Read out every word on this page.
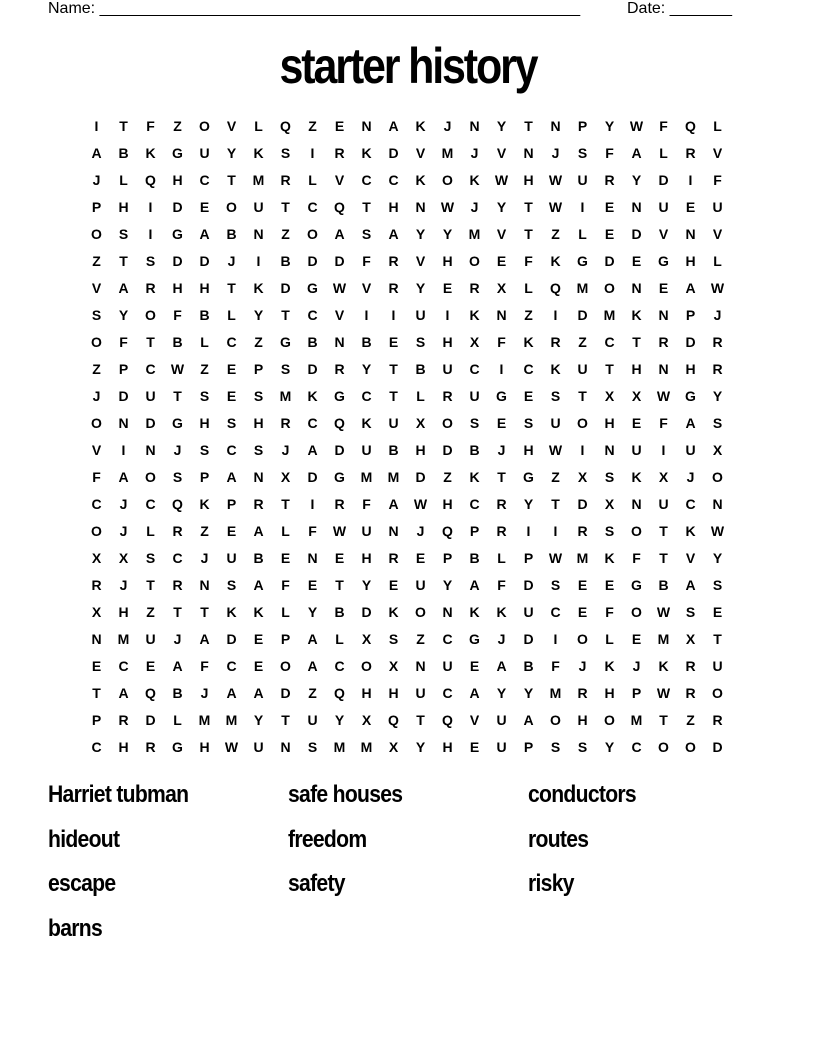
Name: ______________________________________________________	Date: _______
starter history
I	T	F	Z	O	V	L	Q	Z	E	N	A	K	J	N	Y	T	N	P	Y	W	F	Q	L
A	B	K	G	U	Y	K	S	I	R	K	D	V	M	J	V	N	J	S	F	A	L	R	V
J	L	Q	H	C	T	M	R	L	V	C	C	K	O	K	W	H	W	U	R	Y	D	I	F
P	H	I	D	E	O	U	T	C	Q	T	H	N	W	J	Y	T	W	I	E	N	U	E	U
O	S	I	G	A	B	N	Z	O	A	S	A	Y	Y	M	V	T	Z	L	E	D	V	N	V
Z	T	S	D	D	J	I	B	D	D	F	R	V	H	O	E	F	K	G	D	E	G	H	L
V	A	R	H	H	T	K	D	G	W	V	R	Y	E	R	X	L	Q	M	O	N	E	A	W
S	Y	O	F	B	L	Y	T	C	V	I	I	U	I	K	N	Z	I	D	M	K	N	P	J
O	F	T	B	L	C	Z	G	B	N	B	E	S	H	X	F	K	R	Z	C	T	R	D	R
Z	P	C	W	Z	E	P	S	D	R	Y	T	B	U	C	I	C	K	U	T	H	N	H	R
J	D	U	T	S	E	S	M	K	G	C	T	L	R	U	G	E	S	T	X	X	W	G	Y
O	N	D	G	H	S	H	R	C	Q	K	U	X	O	S	E	S	U	O	H	E	F	A	S
V	I	N	J	S	C	S	J	A	D	U	B	H	D	B	J	H	W	I	N	U	I	U	X
F	A	O	S	P	A	N	X	D	G	M	M	D	Z	K	T	G	Z	X	S	K	X	J	O
C	J	C	Q	K	P	R	T	I	R	F	A	W	H	C	R	Y	T	D	X	N	U	C	N
O	J	L	R	Z	E	A	L	F	W	U	N	J	Q	P	R	I	I	R	S	O	T	K	W
X	X	S	C	J	U	B	E	N	E	H	R	E	P	B	L	P	W	M	K	F	T	V	Y
R	J	T	R	N	S	A	F	E	T	Y	E	U	Y	A	F	D	S	E	E	G	B	A	S
X	H	Z	T	T	K	K	L	Y	B	D	K	O	N	K	K	U	C	E	F	O	W	S	E
N	M	U	J	A	D	E	P	A	L	X	S	Z	C	G	J	D	I	O	L	E	M	X	T
E	C	E	A	F	C	E	O	A	C	O	X	N	U	E	A	B	F	J	K	J	K	R	U
T	A	Q	B	J	A	A	D	Z	Q	H	H	U	C	A	Y	Y	M	R	H	P	W	R	O
P	R	D	L	M	M	Y	T	U	Y	X	Q	T	Q	V	U	A	O	H	O	M	T	Z	R
C	H	R	G	H	W	U	N	S	M	M	X	Y	H	E	U	P	S	S	Y	C	O	O	D
Harriet tubman	safe houses	conductors
hideout	freedom	routes
escape	safety	risky
barns
